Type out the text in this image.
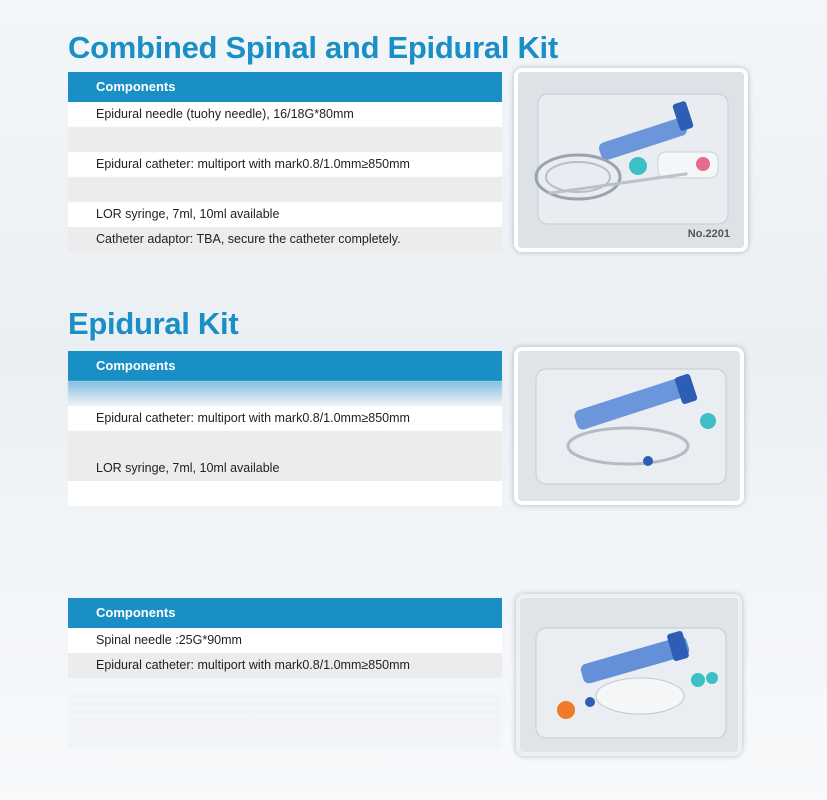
Combined Spinal and Epidural Kit
Components
Epidural needle (tuohy needle), 16/18G*80mm
Epidural catheter: multiport with mark0.8/1.0mm≥850mm
LOR syringe, 7ml, 10ml available
Catheter adaptor: TBA, secure the catheter completely.	No.2201
Epidural Kit
Components
Epidural catheter: multiport with mark0.8/1.0mm≥850mm
LOR syringe, 7ml, 10ml available
Components
Spinal needle :25G*90mm
Epidural catheter: multiport with mark0.8/1.0mm≥850mm
